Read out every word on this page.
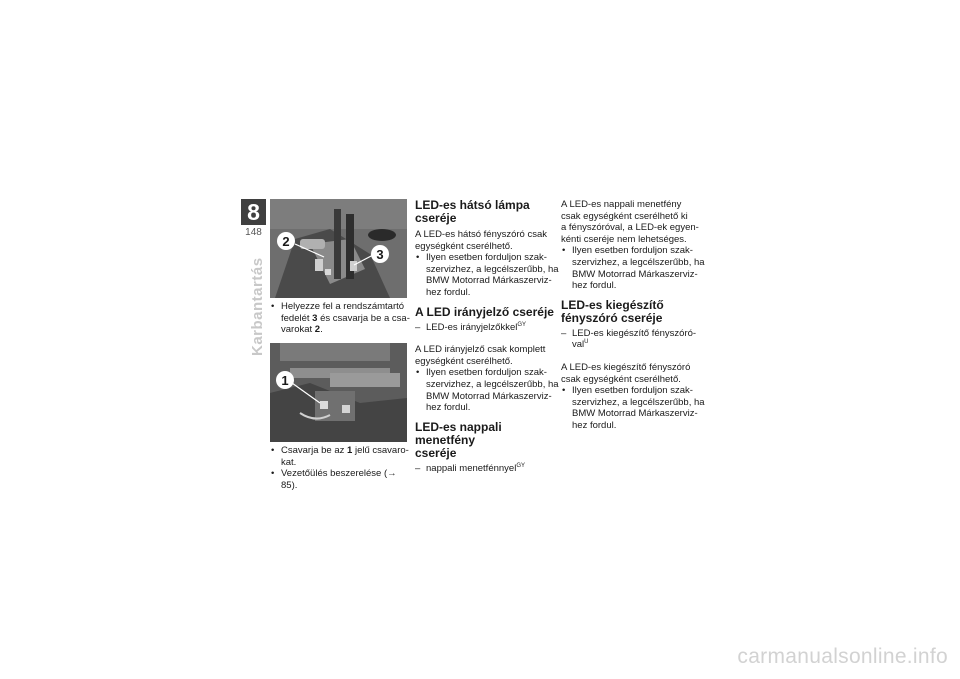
8
148
Karbantartás
2
3
• Helyezze fel a rendszámtartó
fedelét 3 és csavarja be a csa-
varokat 2.
1
• Csavarja be az 1 jelű csavaro-
kat.
• Vezetőülés beszerelése (→ 85).
LED-es hátsó lámpa
cseréje

A LED-es hátsó fényszóró csak
egységként cserélhető.

• Ilyen esetben forduljon szak-
szervizhez, a legcélszerűbb, ha
BMW Motorrad Márkaszerviz-
hez fordul.
A LED irányjelző cseréje
– LED-es irányjelzőkkel$^{GY}$

A LED irányjelző csak komplett
egységként cserélhető.

• Ilyen esetben forduljon szak-
szervizhez, a legcélszerűbb, ha
BMW Motorrad Márkaszerviz-
hez fordul.
LED-es nappali menetfény
cseréje
– nappali menetfénnyel$^{GY}$

A LED-es nappali menetfény
csak egységként cserélhető ki
a fényszóróval, a LED-ek egyen-
kénti cseréje nem lehetséges.

• Ilyen esetben forduljon szak-
szervizhez, a legcélszerűbb, ha
BMW Motorrad Márkaszerviz-
hez fordul.
LED-es kiegészítő
fényszóró cseréje
– LED-es kiegészítő fényszóró-
val$^U$

A LED-es kiegészítő fényszóró
csak egységként cserélhető.

• Ilyen esetben forduljon szak-
szervizhez, a legcélszerűbb, ha
BMW Motorrad Márkaszerviz-
hez fordul.
carmanualsonline.info
